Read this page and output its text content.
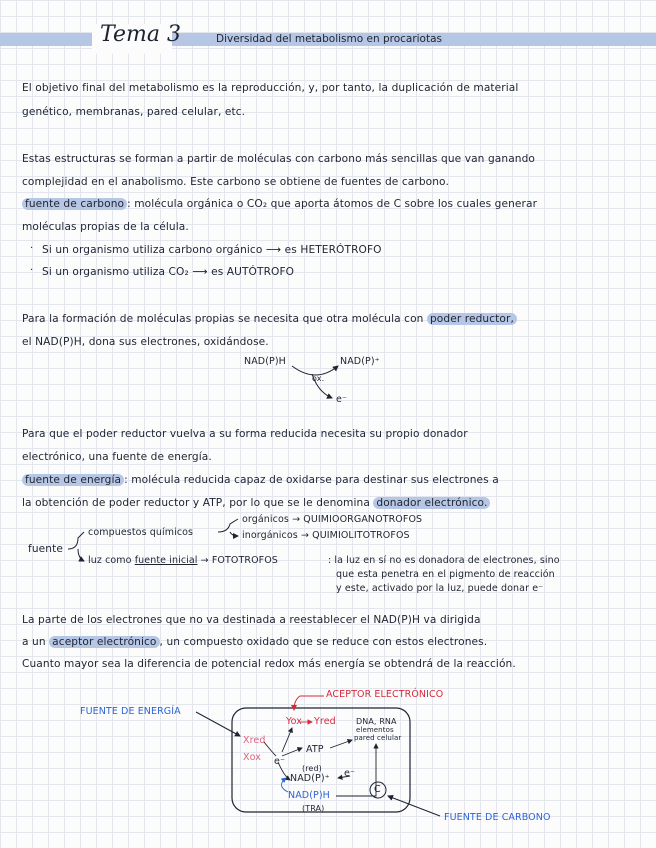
Tema 3	Diversidad del metabolismo en procariotas
El objetivo final del metabolismo es la reproducción, y, por tanto, la duplicación de material
genético, membranas, pared celular, etc.
Estas estructuras se forman a partir de moléculas con carbono más sencillas que van ganando
complejidad en el anabolismo. Este carbono se obtiene de fuentes de carbono.
fuente de carbono : molécula orgánica o CO₂ que aporta átomos de C sobre los cuales generar
moléculas propias de la célula.
· Si un organismo utiliza carbono orgánico ⟶ es HETERÓTROFO
· Si un organismo utiliza CO₂ ⟶ es AUTÓTROFO
Para la formación de moléculas propias se necesita que otra molécula con poder reductor,
el NAD(P)H, dona sus electrones, oxidándose.
NAD(P)H	NAD(P)⁺
ox.
e⁻
Para que el poder reductor vuelva a su forma reducida necesita su propio donador
electrónico, una fuente de energía.
fuente de energía : molécula reducida capaz de oxidarse para destinar sus electrones a
la obtención de poder reductor y ATP, por lo que se le denomina donador electrónico.
fuente
compuestos químicos
orgánicos → QUIMIOORGANOTROFOS
inorgánicos → QUIMIOLITOTROFOS
luz como fuente inicial → FOTOTROFOS	: la luz en sí no es donadora de electrones, sino
que esta penetra en el pigmento de reacción
y este, activado por la luz, puede donar e⁻
La parte de los electrones que no va destinada a reestablecer el NAD(P)H va dirigida
a un aceptor electrónico , un compuesto oxidado que se reduce con estos electrones.
Cuanto mayor sea la diferencia de potencial redox más energía se obtendrá de la reacción.
ACEPTOR ELECTRÓNICO
FUENTE DE ENERGÍA
FUENTE DE CARBONO
Yox Yred
Xred
Xox
ATP
e⁻
(red)
NAD(P)⁺ e⁻
NAD(P)H
(TRA)
DNA, RNA
elementos
pared celular
C
